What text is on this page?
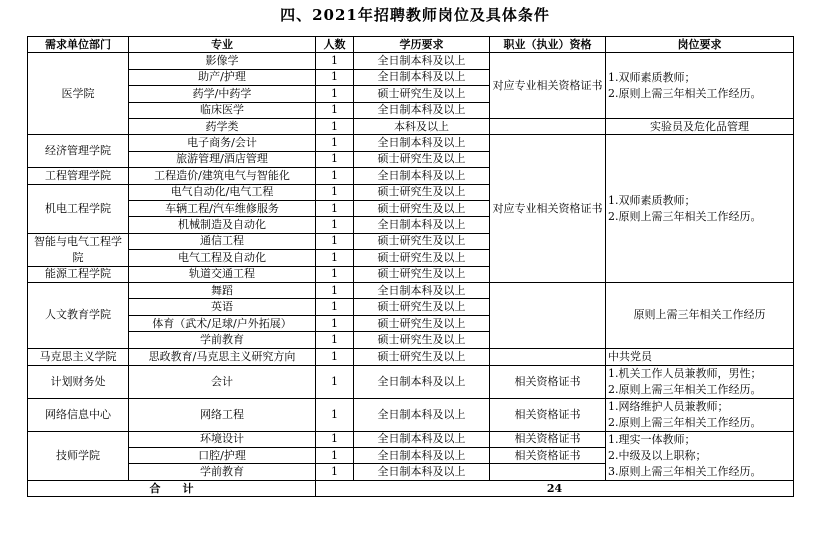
四、2021年招聘教师岗位及具体条件
需求单位部门	专业	人数	学历要求	职业（执业）资格	岗位要求	
医学院	影像学	1	全日制本科及以上	对应专业相关资格证书	1.双师素质教师；
2.原则上需三年相关工作经历。	
	助产/护理	1	全日制本科及以上			
	药学/中药学	1	硕士研究生及以上			
	临床医学	1	全日制本科及以上			
	药学类	1	本科及以上		实验员及危化品管理	
经济管理学院	电子商务/会计	1	全日制本科及以上	对应专业相关资格证书	1.双师素质教师；
2.原则上需三年相关工作经历。	
	旅游管理/酒店管理	1	硕士研究生及以上			
工程管理学院	工程造价/建筑电气与智能化	1	全日制本科及以上			
机电工程学院	电气自动化/电气工程	1	硕士研究生及以上			
	车辆工程/汽车维修服务	1	硕士研究生及以上			
	机械制造及自动化	1	全日制本科及以上			
智能与电气工程学院	通信工程	1	硕士研究生及以上			
	电气工程及自动化	1	硕士研究生及以上			
能源工程学院	轨道交通工程	1	硕士研究生及以上			
人文教育学院	舞蹈	1	全日制本科及以上		原则上需三年相关工作经历	
	英语	1	硕士研究生及以上			
	体育（武术/足球/户外拓展）	1	硕士研究生及以上			
	学前教育	1	硕士研究生及以上			
马克思主义学院	思政教育/马克思主义研究方向	1	硕士研究生及以上		中共党员	
计划财务处	会计	1	全日制本科及以上	相关资格证书	1.机关工作人员兼教师，男性；
2.原则上需三年相关工作经历。	
网络信息中心	网络工程	1	全日制本科及以上	相关资格证书	1.网络维护人员兼教师；
2.原则上需三年相关工作经历。	
技师学院	环境设计	1	全日制本科及以上	相关资格证书	1.理实一体教师；
2.中级及以上职称；
3.原则上需三年相关工作经历。	
	口腔/护理	1	全日制本科及以上	相关资格证书		
	学前教育	1	全日制本科及以上			
合　　计		24				
